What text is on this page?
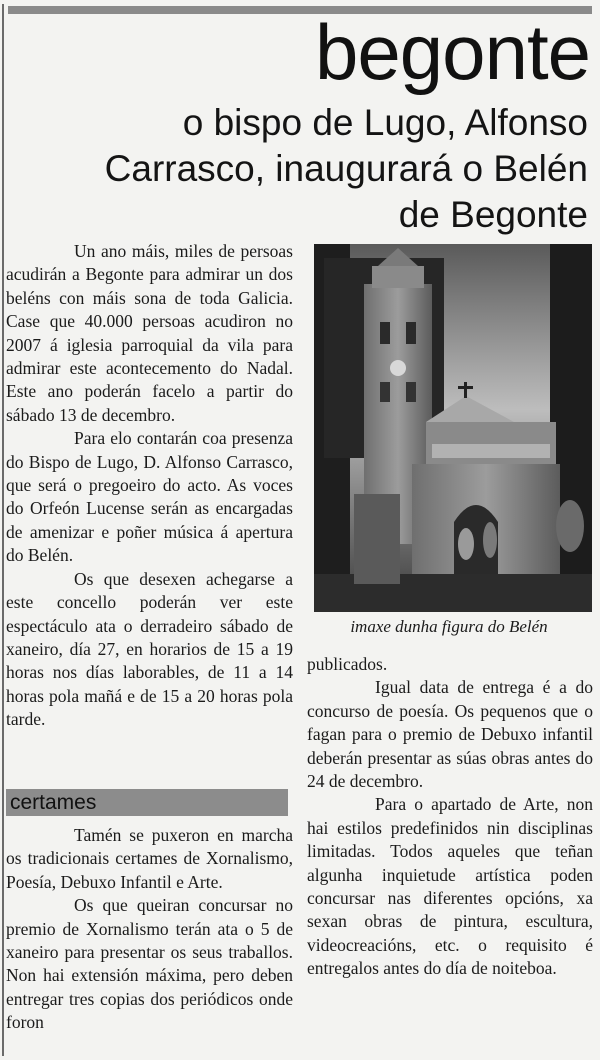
begonte
o bispo de Lugo, Alfonso Carrasco, inaugurará o Belén de Begonte

Un ano máis, miles de persoas acudirán a Begonte para admirar un dos beléns con máis sona de toda Galicia. Case que 40.000 persoas acudiron no 2007 á iglesia parroquial da vila para admirar este acontecemento do Nadal. Este ano poderán facelo a partir do sábado 13 de decembro.

Para elo contarán coa presenza do Bispo de Lugo, D. Alfonso Carrasco, que será o pregoeiro do acto. As voces do Orfeón Lucense serán as encargadas de amenizar e poñer música á apertura do Belén.

Os que desexen achegarse a este concello poderán ver este espectáculo ata o derradeiro sábado de xaneiro, día 27, en horarios de 15 a 19 horas nos días laborables, de 11 a 14 horas pola mañá e de 15 a 20 horas pola tarde.

imaxe dunha figura do Belén
certames

Tamén se puxeron en marcha os tradicionais certames de Xornalismo, Poesía, Debuxo Infantil e Arte.

Os que queiran concursar no premio de Xornalismo terán ata o 5 de xaneiro para presentar os seus traballos. Non hai extensión máxima, pero deben entregar tres copias dos periódicos onde foron

publicados.

Igual data de entrega é a do concurso de poesía. Os pequenos que o fagan para o premio de Debuxo infantil deberán presentar as súas obras antes do 24 de decembro.

Para o apartado de Arte, non hai estilos predefinidos nin disciplinas limitadas. Todos aqueles que teñan algunha inquietude artística poden concursar nas diferentes opcións, xa sexan obras de pintura, escultura, videocreacións, etc. o requisito é entregalos antes do día de noiteboa.
